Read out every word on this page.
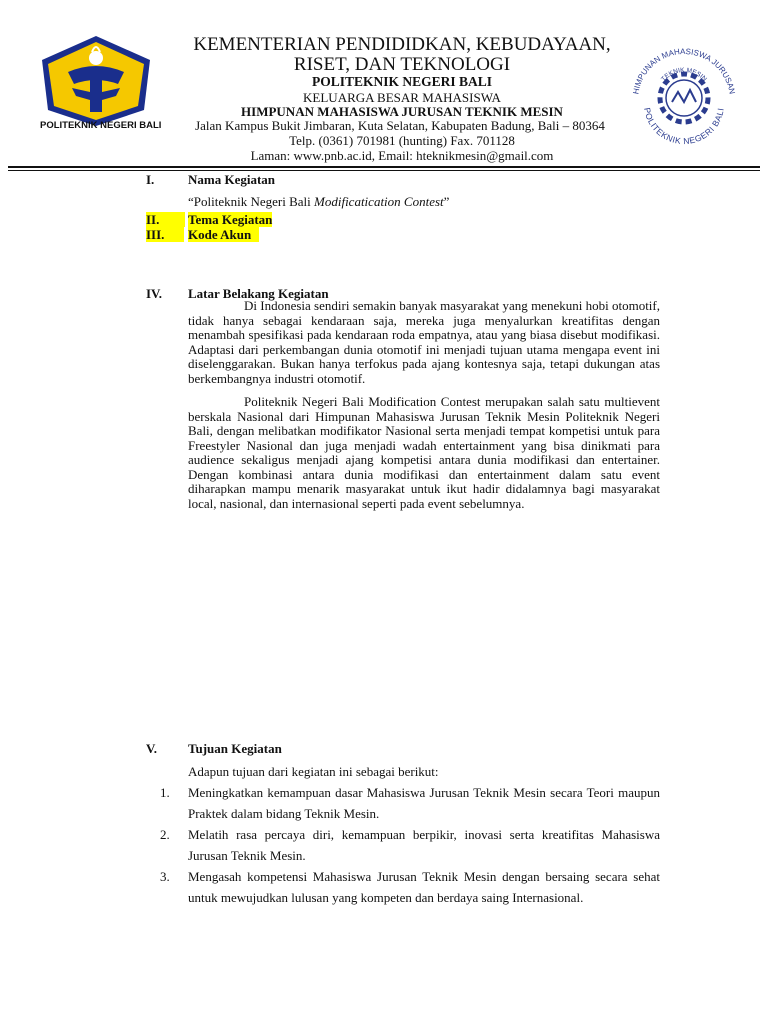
POLITEKNIK NEGERI BALI
HIMPUNAN MAHASISWA JURUSAN
POLITEKNIK NEGERI BALI
TEKNIK MESIN
KEMENTERIAN PENDIDIDKAN, KEBUDAYAAN,
RISET, DAN TEKNOLOGI
POLITEKNIK NEGERI BALI
KELUARGA BESAR MAHASISWA
HIMPUNAN MAHASISWA JURUSAN TEKNIK MESIN
Jalan Kampus Bukit Jimbaran, Kuta Selatan, Kabupaten Badung, Bali – 80364
Telp. (0361) 701981 (hunting) Fax. 701128
Laman: www.pnb.ac.id, Email: hteknikmesin@gmail.com
I.	Nama Kegiatan
“Politeknik Negeri Bali Modificatication Contest”
II.	Tema Kegiatan
III.	Kode Akun
IV. Latar Belakang Kegiatan
Di Indonesia sendiri semakin banyak masyarakat yang menekuni hobi otomotif, tidak hanya sebagai kendaraan saja, mereka juga menyalurkan kreatifitas dengan menambah spesifikasi pada kendaraan roda empatnya, atau yang biasa disebut modifikasi. Adaptasi dari perkembangan dunia otomotif ini menjadi tujuan utama mengapa event ini diselenggarakan. Bukan hanya terfokus pada ajang kontesnya saja, tetapi dukungan atas berkembangnya industri otomotif.
Politeknik Negeri Bali Modification Contest merupakan salah satu multievent berskala Nasional dari Himpunan Mahasiswa Jurusan Teknik Mesin Politeknik Negeri Bali, dengan melibatkan modifikator Nasional serta menjadi tempat kompetisi untuk para Freestyler Nasional dan juga menjadi wadah entertainment yang bisa dinikmati para audience sekaligus menjadi ajang kompetisi antara dunia modifikasi dan entertainer. Dengan kombinasi antara dunia modifikasi dan entertainment dalam satu event diharapkan mampu menarik masyarakat untuk ikut hadir didalamnya bagi masyarakat local, nasional, dan internasional seperti pada event sebelumnya.
V. Tujuan Kegiatan
Adapun tujuan dari kegiatan ini sebagai berikut:
1.	Meningkatkan kemampuan dasar Mahasiswa Jurusan Teknik Mesin secara Teori maupun Praktek dalam bidang Teknik Mesin.
2.	Melatih rasa percaya diri, kemampuan berpikir, inovasi serta kreatifitas Mahasiswa Jurusan Teknik Mesin.
3.	Mengasah kompetensi Mahasiswa Jurusan Teknik Mesin dengan bersaing secara sehat untuk mewujudkan lulusan yang kompeten dan berdaya saing Internasional.
